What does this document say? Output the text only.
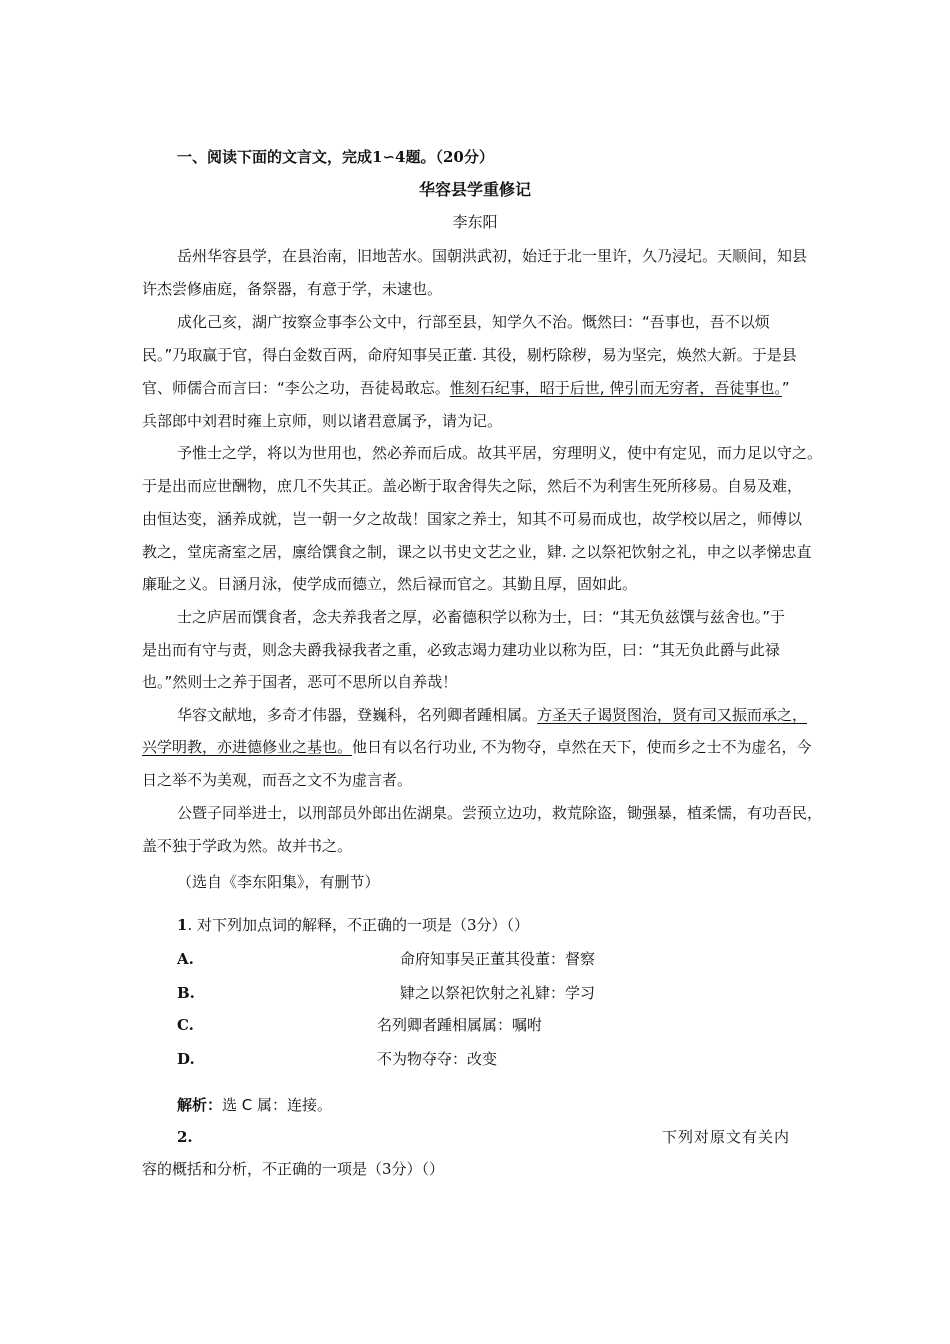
一、阅读下面的文言文，完成1∽4题。（20分）
华容县学重修记
李东阳
岳州华容县学，在县治南，旧地苦水。国朝洪武初，始迁于北一里许，久乃浸圮。天顺间，知县
许杰尝修庙庭，备祭器，有意于学，未逮也。
成化己亥，湖广按察佥事李公文中，行部至县，知学久不治。慨然曰：“吾事也，吾不以烦
民。”乃取赢于官，得白金数百两，命府知事吴正董. 其役，剔朽除秽，易为坚完，焕然大新。于是县
官、师儒合而言曰：“李公之功，吾徒曷敢忘。惟刻石纪事，昭于后世, 俾引而无穷者，吾徒事也。”
兵部郎中刘君时雍上京师，则以诸君意属予，请为记。
予惟士之学，将以为世用也，然必养而后成。故其平居，穷理明义，使中有定见，而力足以守之。
于是出而应世酬物，庶几不失其正。盖必断于取舍得失之际，然后不为利害生死所移易。自易及难，
由恒达变，涵养成就，岂一朝一夕之故哉！国家之养士，知其不可易而成也，故学校以居之，师傅以
教之，堂庑斋室之居，廪给馔食之制，课之以书史文艺之业，肄. 之以祭祀饮射之礼，申之以孝悌忠直
廉耻之义。日涵月泳，使学成而德立，然后禄而官之。其勤且厚，固如此。
士之庐居而馔食者，念夫养我者之厚，必畜德积学以称为士，曰：“其无负兹馔与兹舍也。”于
是出而有守与责，则念夫爵我禄我者之重，必致志竭力建功业以称为臣，曰：“其无负此爵与此禄
也。”然则士之养于国者，恶可不思所以自养哉！
华容文献地，多奇才伟器，登巍科，名列卿者踵相属。方圣天子谒贤图治，贤有司又振而承之，
兴学明教，亦进德修业之基也。他日有以名行功业, 不为物夺，卓然在天下，使而乡之士不为虚名，今
日之举不为美观，而吾之文不为虚言者。
公暨子同举进士，以刑部员外郎出佐湖臬。尝预立边功，救荒除盗，锄强暴，植柔懦，有功吾民，
盖不独于学政为然。故并书之。
（选自《李东阳集》，有删节）
1. 对下列加点词的解释，不正确的一项是（3分）（）
A.	命府知事吴正董其役董：督察
B.	肄之以祭祀饮射之礼肄：学习
C.	名列卿者踵相属属：嘱咐
D.	不为物夺夺：改变
解析：选 C 属：连接。
2.	下列对原文有关内
容的概括和分析，不正确的一项是（3分）（）
